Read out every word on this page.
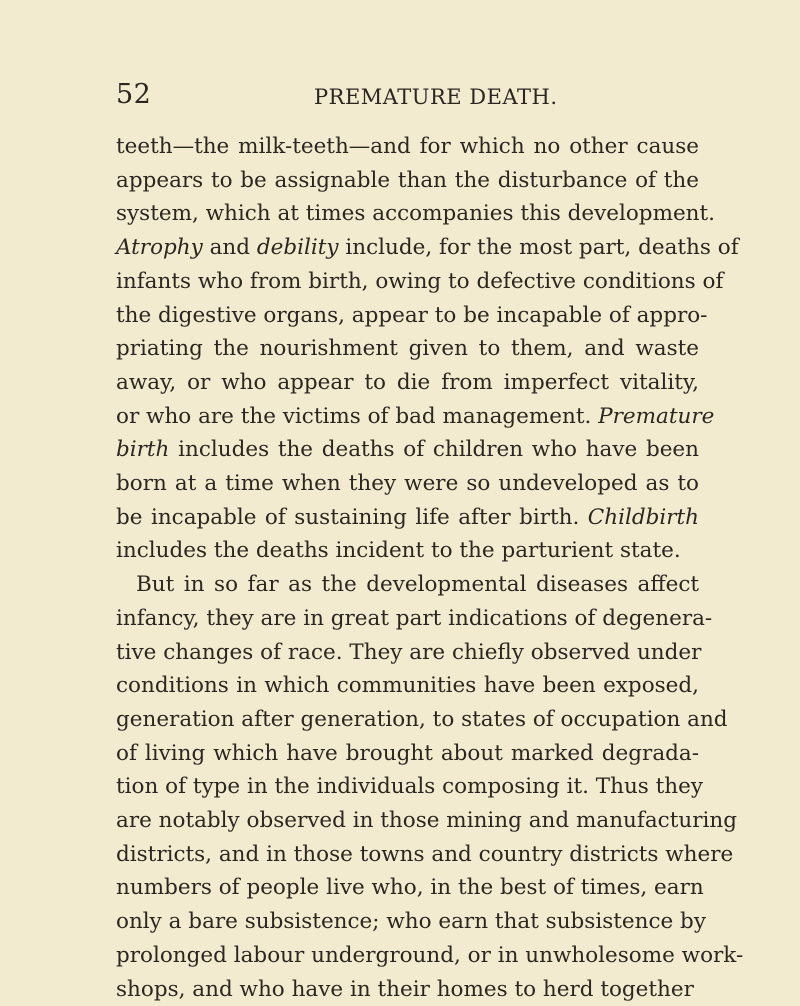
52	PREMATURE DEATH.
teeth—the milk-teeth—and for which no other cause
appears to be assignable than the disturbance of the
system, which at times accompanies this development.
Atrophy and debility include, for the most part, deaths of
infants who from birth, owing to defective conditions of
the digestive organs, appear to be incapable of appro-
priating the nourishment given to them, and waste
away, or who appear to die from imperfect vitality,
or who are the victims of bad management. Premature
birth includes the deaths of children who have been
born at a time when they were so undeveloped as to
be incapable of sustaining life after birth. Childbirth
includes the deaths incident to the parturient state.
But in so far as the developmental diseases affect
infancy, they are in great part indications of degenera-
tive changes of race. They are chiefly observed under
conditions in which communities have been exposed,
generation after generation, to states of occupation and
of living which have brought about marked degrada-
tion of type in the individuals composing it. Thus they
are notably observed in those mining and manufacturing
districts, and in those towns and country districts where
numbers of people live who, in the best of times, earn
only a bare subsistence; who earn that subsistence by
prolonged labour underground, or in unwholesome work-
shops, and who have in their homes to herd together
